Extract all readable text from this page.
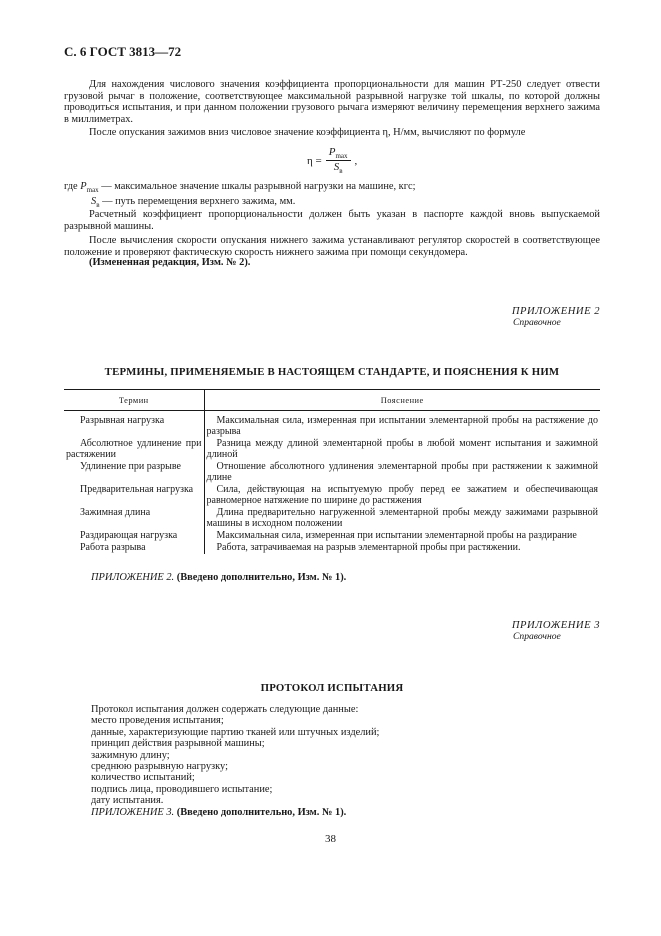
С. 6 ГОСТ 3813—72
Для нахождения числового значения коэффициента пропорциональности для машин РТ-250 следует отвести грузовой рычаг в положение, соответствующее максимальной разрывной нагрузке той шкалы, по которой должны проводиться испытания, и при данном положении грузового рычага измеряют величину перемещения верхнего зажима в миллиметрах.
После опускания зажимов вниз числовое значение коэффициента η, Н/мм, вычисляют по формуле
$\eta = \frac{P_{max}}{S_в}$ ,
где $P_{max}$ — максимальное значение шкалы разрывной нагрузки на машине, кгс;
$S_в$ — путь перемещения верхнего зажима, мм.
Расчетный коэффициент пропорциональности должен быть указан в паспорте каждой вновь выпускаемой разрывной машины.
После вычисления скорости опускания нижнего зажима устанавливают регулятор скоростей в соответствующее положение и проверяют фактическую скорость нижнего зажима при помощи секундомера.
(Измененная редакция, Изм. № 2).
ПРИЛОЖЕНИЕ 2
Справочное
ТЕРМИНЫ, ПРИМЕНЯЕМЫЕ В НАСТОЯЩЕМ СТАНДАРТЕ, И ПОЯСНЕНИЯ К НИМ
Термин	Пояснение

Разрывная нагрузка	Максимальная сила, измеренная при испытании элементарной пробы на растяжение до разрыва

Абсолютное удлинение при растяжении	Разница между длиной элементарной пробы в любой момент испытания и зажимной длиной

Удлинение при разрыве	Отношение абсолютного удлинения элементарной пробы при растяжении к зажимной длине

Предварительная нагрузка	Сила, действующая на испытуемую пробу перед ее зажатием и обеспечивающая равномерное натяжение по ширине до растяжения

Зажимная длина	Длина предварительно нагруженной элементарной пробы между зажимами разрывной машины в исходном положении

Раздирающая нагрузка	Максимальная сила, измеренная при испытании элементарной пробы на раздирание

Работа разрыва	Работа, затрачиваемая на разрыв элементарной пробы при растяжении.
ПРИЛОЖЕНИЕ 2. (Введено дополнительно, Изм. № 1).
ПРИЛОЖЕНИЕ 3
Справочное
ПРОТОКОЛ ИСПЫТАНИЯ
Протокол испытания должен содержать следующие данные:
место проведения испытания;
данные, характеризующие партию тканей или штучных изделий;
принцип действия разрывной машины;
зажимную длину;
среднюю разрывную нагрузку;
количество испытаний;
подпись лица, проводившего испытание;
дату испытания.
ПРИЛОЖЕНИЕ 3. (Введено дополнительно, Изм. № 1).
38
